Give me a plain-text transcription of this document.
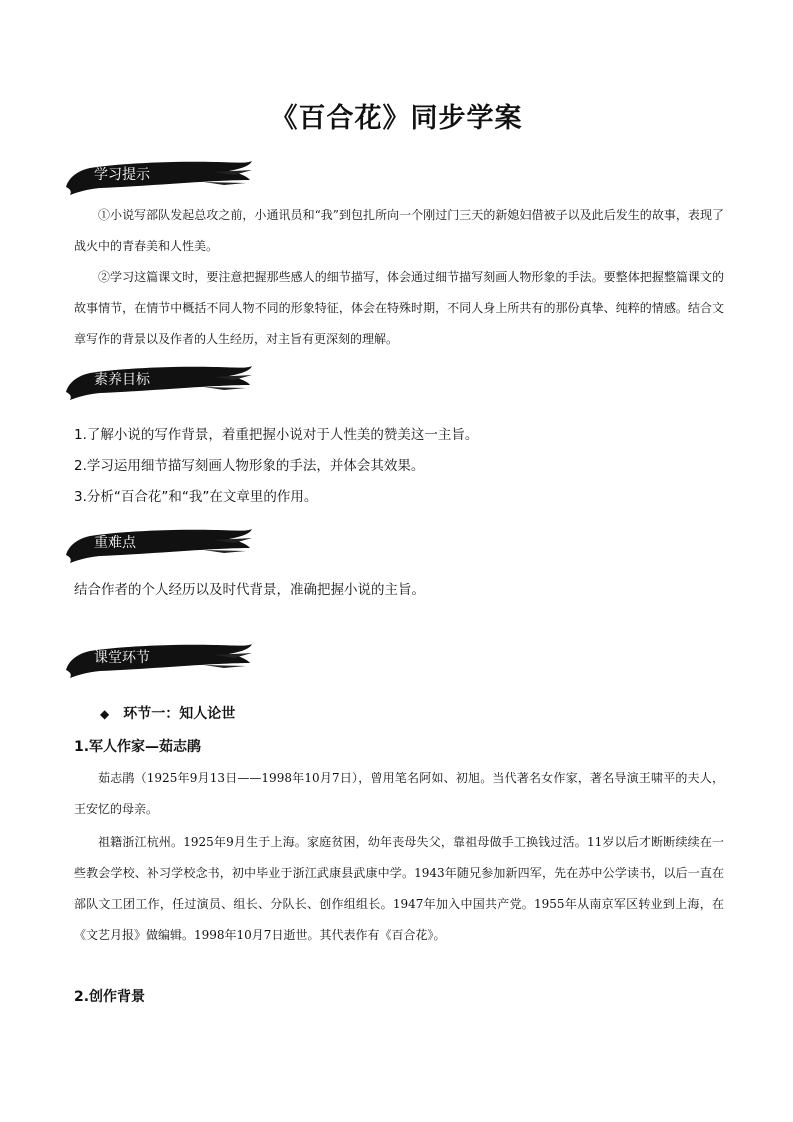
《百合花》同步学案
学习提示

①小说写部队发起总攻之前，小通讯员和“我”到包扎所向一个刚过门三天的新媳妇借被子以及此后发生的故事，表现了战火中的青春美和人性美。

②学习这篇课文时，要注意把握那些感人的细节描写，体会通过细节描写刻画人物形象的手法。要整体把握整篇课文的故事情节，在情节中概括不同人物不同的形象特征，体会在特殊时期，不同人身上所共有的那份真挚、纯粹的情感。结合文章写作的背景以及作者的人生经历，对主旨有更深刻的理解。

素养目标
1.了解小说的写作背景，着重把握小说对于人性美的赞美这一主旨。
2.学习运用细节描写刻画人物形象的手法，并体会其效果。
3.分析“百合花”和“我”在文章里的作用。
重难点
结合作者的个人经历以及时代背景，准确把握小说的主旨。
课堂环节
◆ 环节一：知人论世
1.军人作家—茹志鹃

茹志鹃（1925年9月13日——1998年10月7日），曾用笔名阿如、初旭。当代著名女作家，著名导演王啸平的夫人，王安忆的母亲。

祖籍浙江杭州。1925年9月生于上海。家庭贫困，幼年丧母失父，靠祖母做手工换钱过活。11岁以后才断断续续在一些教会学校、补习学校念书，初中毕业于浙江武康县武康中学。1943年随兄参加新四军，先在苏中公学读书，以后一直在部队文工团工作，任过演员、组长、分队长、创作组组长。1947年加入中国共产党。1955年从南京军区转业到上海，在《文艺月报》做编辑。1998年10月7日逝世。其代表作有《百合花》。

2.创作背景
